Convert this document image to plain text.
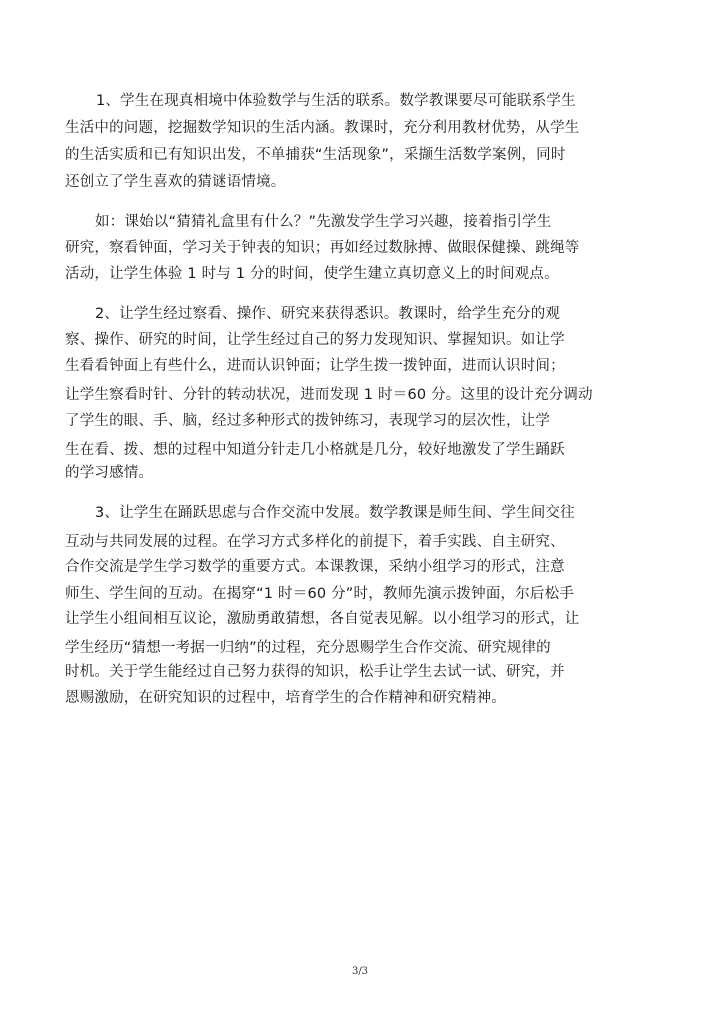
1、学生在现真相境中体验数学与生活的联系。数学教课要尽可能联系学生
生活中的问题，挖掘数学知识的生活内涵。教课时，充分利用教材优势，从学生
的生活实质和已有知识出发，不单捕获“生活现象”，采撷生活数学案例，同时
还创立了学生喜欢的猜谜语情境。
如：课始以“猜猜礼盒里有什么？”先激发学生学习兴趣，接着指引学生
研究，察看钟面，学习关于钟表的知识；再如经过数脉搏、做眼保健操、跳绳等
活动，让学生体验 1 时与 1 分的时间，使学生建立真切意义上的时间观点。
2、让学生经过察看、操作、研究来获得悉识。教课时，给学生充分的观
察、操作、研究的时间，让学生经过自己的努力发现知识、掌握知识。如让学
生看看钟面上有些什么，进而认识钟面；让学生拨一拨钟面，进而认识时间；
让学生察看时针、分针的转动状况，进而发现 1 时＝60 分。这里的设计充分调动
了学生的眼、手、脑，经过多种形式的拨钟练习，表现学习的层次性，让学
生在看、拨、想的过程中知道分针走几小格就是几分，较好地激发了学生踊跃
的学习感情。
3、让学生在踊跃思虑与合作交流中发展。数学教课是师生间、学生间交往
互动与共同发展的过程。在学习方式多样化的前提下，着手实践、自主研究、
合作交流是学生学习数学的重要方式。本课教课，采纳小组学习的形式，注意
师生、学生间的互动。在揭穿“1 时＝60 分”时，教师先演示拨钟面，尔后松手
让学生小组间相互议论，激励勇敢猜想，各自觉表见解。以小组学习的形式，让
学生经历“猜想一考据一归纳”的过程，充分恩赐学生合作交流、研究规律的
时机。关于学生能经过自己努力获得的知识，松手让学生去试一试、研究，并
恩赐激励，在研究知识的过程中，培育学生的合作精神和研究精神。
3/3
